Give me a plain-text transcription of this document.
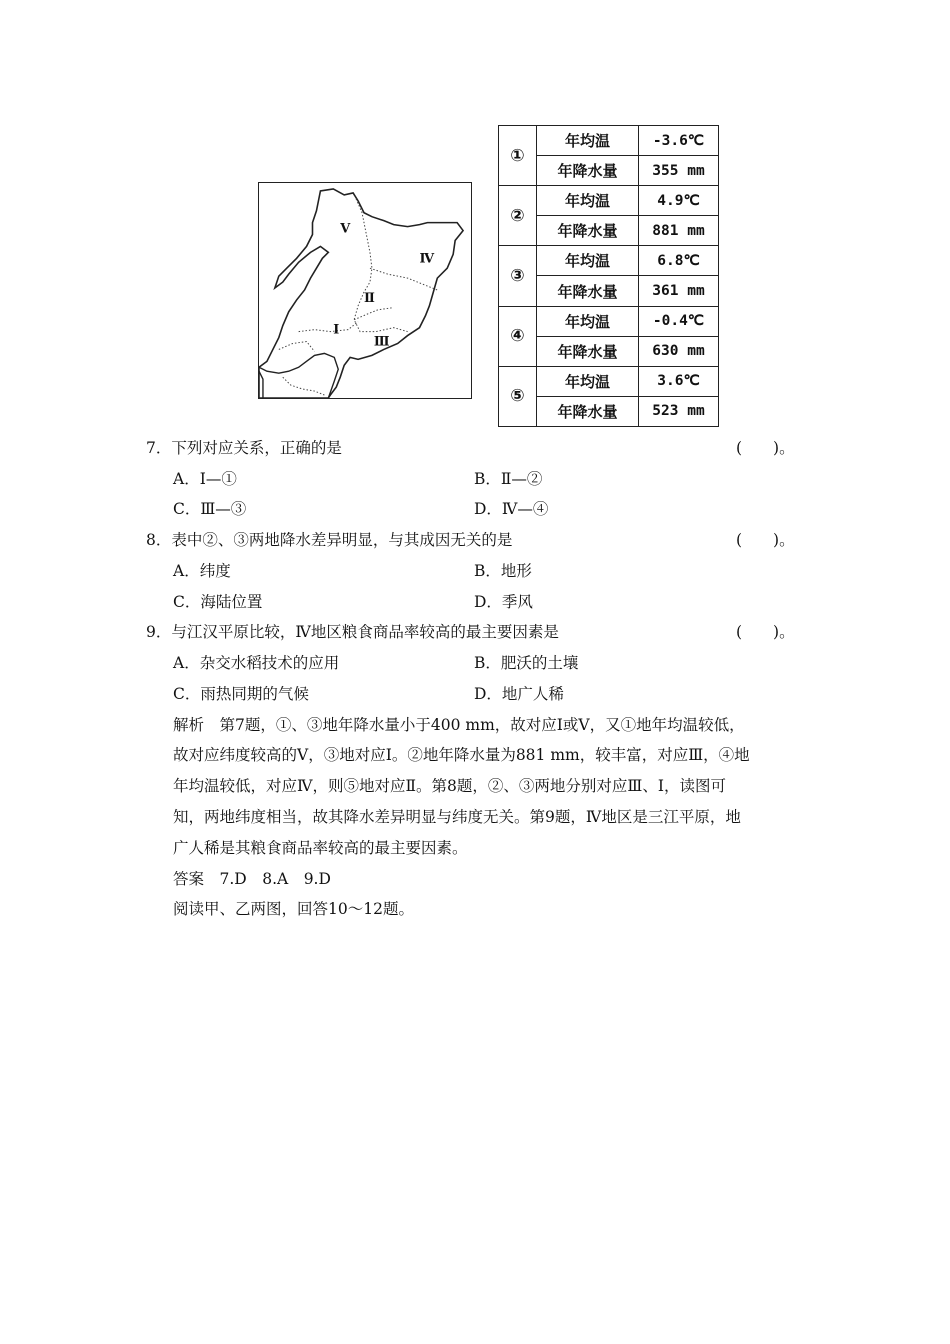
Ⅴ
Ⅳ
Ⅱ
Ⅰ
Ⅲ
①	年均温	-3.6℃
	年降水量	355 mm
②	年均温	4.9℃
	年降水量	881 mm
③	年均温	6.8℃
	年降水量	361 mm
④	年均温	-0.4℃
	年降水量	630 mm
⑤	年均温	3.6℃
	年降水量	523 mm
7．下列对应关系，正确的是	(　　)。
A．Ⅰ—①	B．Ⅱ—②
C．Ⅲ—③	D．Ⅳ—④
8．表中②、③两地降水差异明显，与其成因无关的是	(　　)。
A．纬度	B．地形
C．海陆位置	D．季风
9．与江汉平原比较，Ⅳ地区粮食商品率较高的最主要因素是	(　　)。
A．杂交水稻技术的应用	B．肥沃的土壤
C．雨热同期的气候	D．地广人稀
解析　第7题，①、③地年降水量小于400 mm，故对应Ⅰ或Ⅴ，又①地年均温较低，
故对应纬度较高的Ⅴ，③地对应Ⅰ。②地年降水量为881 mm，较丰富，对应Ⅲ，④地
年均温较低，对应Ⅳ，则⑤地对应Ⅱ。第8题，②、③两地分别对应Ⅲ、Ⅰ，读图可
知，两地纬度相当，故其降水差异明显与纬度无关。第9题，Ⅳ地区是三江平原，地
广人稀是其粮食商品率较高的最主要因素。
答案　7.D　8.A　9.D
阅读甲、乙两图，回答10～12题。
